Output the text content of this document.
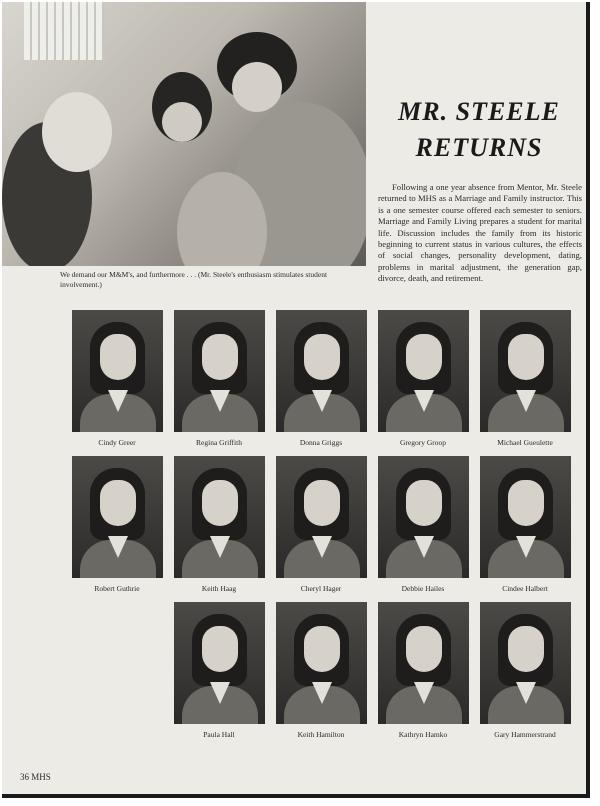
We demand our M&M's, and furthermore . . . (Mr. Steele's enthusiasm stimulates student involvement.)
MR. STEELE
RETURNS
Following a one year absence from Mentor, Mr. Steele returned to MHS as a Marriage and Family instructor. This is a one semester course offered each semester to seniors. Marriage and Family Living prepares a student for marital life. Discussion includes the family from its historic beginning to current status in various cultures, the effects of social changes, personality development, dating, problems in marital adjustment, the generation gap, divorce, death, and retirement.
Cindy Greer	Regina Griffith	Donna Griggs	Gregory Groop	Michael Gueulette
Robert Guthrie	Keith Haag	Cheryl Hager	Debbie Hailes	Cindee Halbert
Paula Hall	Keith Hamilton	Kathryn Hamko	Gary Hammerstrand
36 MHS
